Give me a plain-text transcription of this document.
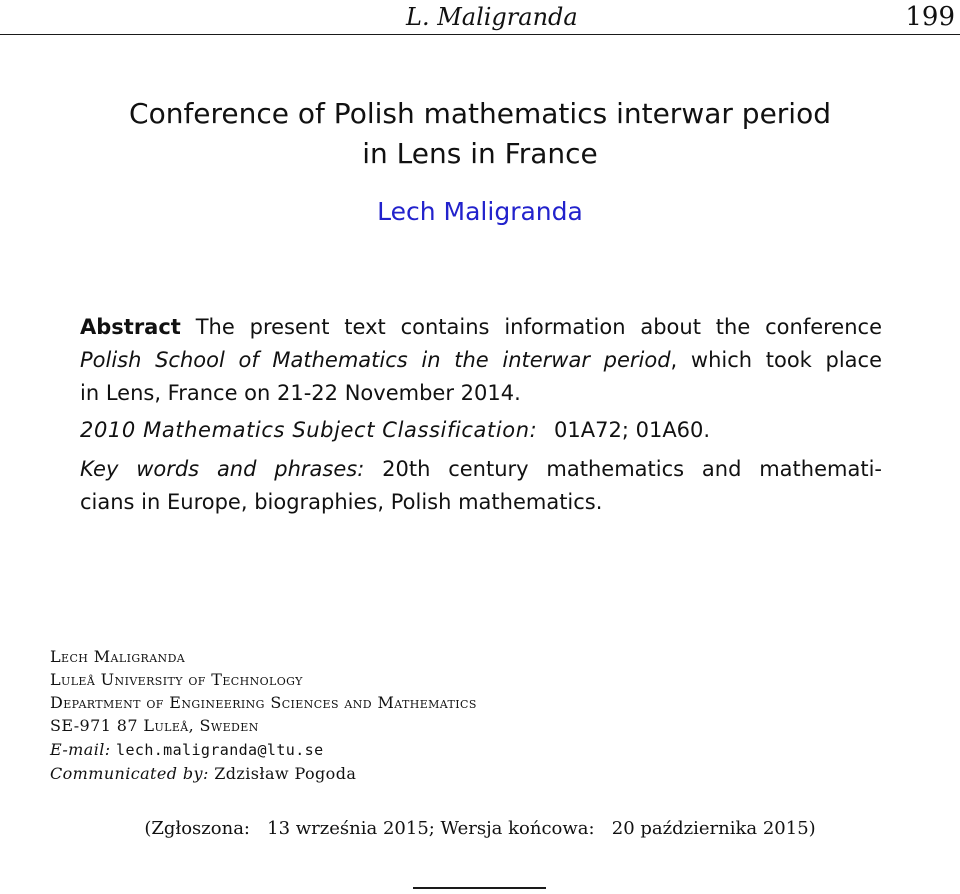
L. Maligranda	199
Conference of Polish mathematics interwar period
in Lens in France
Lech Maligranda
Abstract The present text contains information about the conference
Polish School of Mathematics in the interwar period, which took place
in Lens, France on 21-22 November 2014.
2010 Mathematics Subject Classification: 01A72; 01A60.
Key words and phrases: 20th century mathematics and mathemati-
cians in Europe, biographies, Polish mathematics.
Lech Maligranda
Luleå University of Technology
Department of Engineering Sciences and Mathematics
SE-971 87 Luleå, Sweden
E-mail: lech.maligranda@ltu.se
Communicated by: Zdzisław Pogoda
(Zgłoszona:   13 września 2015; Wersja końcowa:   20 października 2015)
